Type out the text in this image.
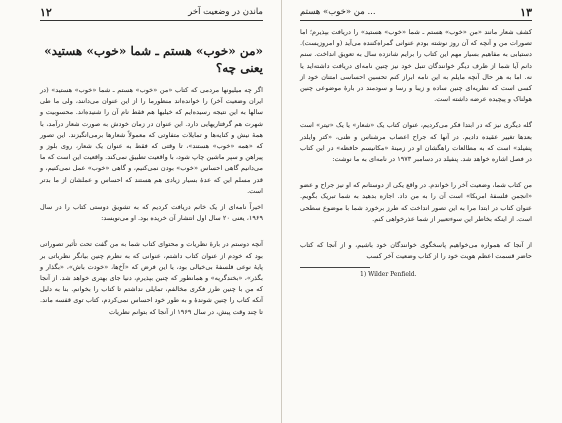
۱۲	ماندن در وضعیت آخر
«من «خوب» هستم ـ شما «خوب» هستید»
یعنی چه؟

اگر چه میلیونها مردمی که کتاب «من «خوب» هستم ـ شما «خوب» هستید» (در ایران وضعیت آخر) را خوانده‌اند منظورما را از این عنوان می‌دانند، ولی ما طی سالها به این نتیجه رسیده‌ایم که خیلیها هم فقط نام آن را شنیده‌اند. محسوبیت و شهرت هم گرفتاریهایی دارد. این عنوان در زمان خودش به صورت شعار درآمد، با همهٔ نیش و کنایه‌ها و تمایلات متفاوتی که معمولاً شعارها برمی‌انگیزند. این تصور که «همه «خوب» هستند»، تا وقتی که فقط به عنوان یک شعار، روی بلوز و پیراهن و سپر ماشین چاپ شود، با واقعیت تطبیق نمی‌کند. واقعیت این است که ما می‌دانیم گاهی احساس «خوب» بودن نمی‌کنیم، و گاهی «خوب» عمل نمی‌کنیم، و قدر مسلم این که عدهٔ بسیار زیادی هم هستند که احساس و عملشان از ما بدتر است.

اخیراً نامه‌ای از یک خانم دریافت کردیم که به تشویق دوستی کتاب را در سال ۱۹۶۹، یعنی ۲۰ سال اول انتشار آن خریده بود. او می‌نویسد:

آنچه دوستم در بارهٔ نظریات و محتوای کتاب شما به من گفت تحت تأثیر تصوراتی بود که خودم از عنوان کتاب داشتم، عنوانی که به نظرم چنین بیانگر نظرباتی بر پایهٔ نوعی فلسفهٔ بی‌خیالی بود، یا این فرض که «آخ‌ها، «خودت باش»، «بگذار و بگذر»، «بخندگریه» و همانطور که چنین بپذیرم، دنیا جای بهتری خواهد شد. از آنجا که من با چنین طرز فکری مخالفم، تمایلی نداشتم تا کتاب را بخوانم. بنا به دلیل آنکه کتاب را چنین شوندهٔ و به طور خود احساس نمی‌کردم، کتاب توی قفسه ماند. تا چند وقت پیش، در سال ۱۹۶۹ از آنجا که بتوانم نظریات

من «خوب» هستم ...	۱۳

کشف شعار مانند «من «خوب» هستم ـ شما «خوب» هستید» را دریافت بپذیرم؛ اما تصورات من و آنچه که آن روز نوشته بودم عنوانی گمراه‌کننده می‌آید (و امروزیست). دستیابی به مفاهیم بسیار مهم این کتاب را برایم شانزده سال به تعویق انداخت. سنم دانم آیا شما از ظرف دیگر خوانندگان تنبل خود نیز چنین نامه‌ای دریافت داشته‌اید یا نه. اما به هر حال آنچه مایلم به این نامه ابراز کنم تحسین احساسی امتنان خود از کسی است که نظریه‌ای چنین ساده و زیبا و رسا و سودمند در بارهٔ موضوعی چنین هولناک و پیچیده عرضه داشته است.

گله دیگری نیز که در ابتدا فکر می‌کردیم، عنوان کتاب یک «شعار» یا یک «تیتر» است بعدها تغییر عقیده دادیم. در آنها که جراح اعصاب مرشناس و ظنی، «کتر وایلدر پنفیلد» است که به مطالعات راهگشان او در زمینهٔ «مکانیسم حافظه» در این کتاب در فصل اشاره خواهد شد. پنفیلد در دسامبر ۱۹۷۳ در نامه‌ای به ما نوشت:

من کتاب شما، وضعیت آخر را خواندم. در واقع یکی از دوستانم که او نیز جراح و عضو «انجمن فلسفهٔ امریکا» است آن را به من داد. اجازه بدهید به شما تبریک بگویم. عنوان کتاب در ابتدا مرا به این تصور انداخت که طرز برخورد شما با موضوع سطحی است. از اینکه بخاطر این سوءتعبیر از شما عذرخواهی کنم.

از آنجا که همواره می‌خواهیم پاسخگوی خوانندگان خود باشیم، و از آنجا که کتاب حاضر قسمت اعظم هویت خود را از کتاب وضعیت آخر کسب

1) Wilder Penfield.
